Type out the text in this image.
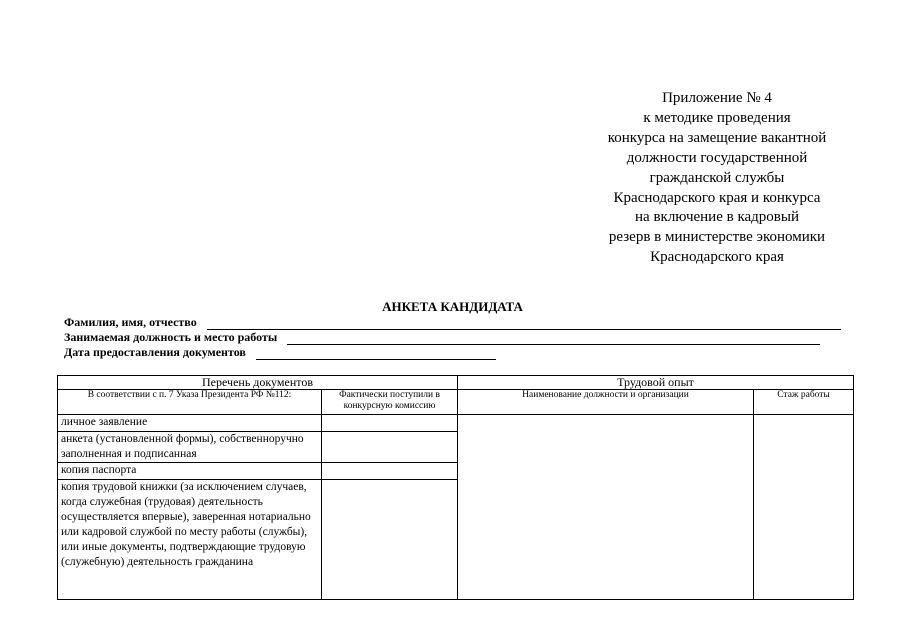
Приложение № 4
к методике проведения
конкурса на замещение вакантной
должности государственной
гражданской службы
Краснодарского края и конкурса
на включение в кадровый
резерв в министерстве экономики
Краснодарского края
АНКЕТА КАНДИДАТА
Фамилия, имя, отчество
Занимаемая должность и место работы
Дата предоставления документов
Перечень документов		Трудовой опыт	
В соответствии с п. 7 Указа Президента РФ №112:	Фактически поступили в конкурсную комиссию	Наименование должности и организации	Стаж работы
личное заявление			
анкета (установленной формы), собственноручно заполненная и подписанная			
копия паспорта			
копия трудовой книжки (за исключением случаев, когда служебная (трудовая) деятельность осуществляется впервые), заверенная нотариально или кадровой службой по месту работы (службы), или иные документы, подтверждающие трудовую (служебную) деятельность гражданина			
